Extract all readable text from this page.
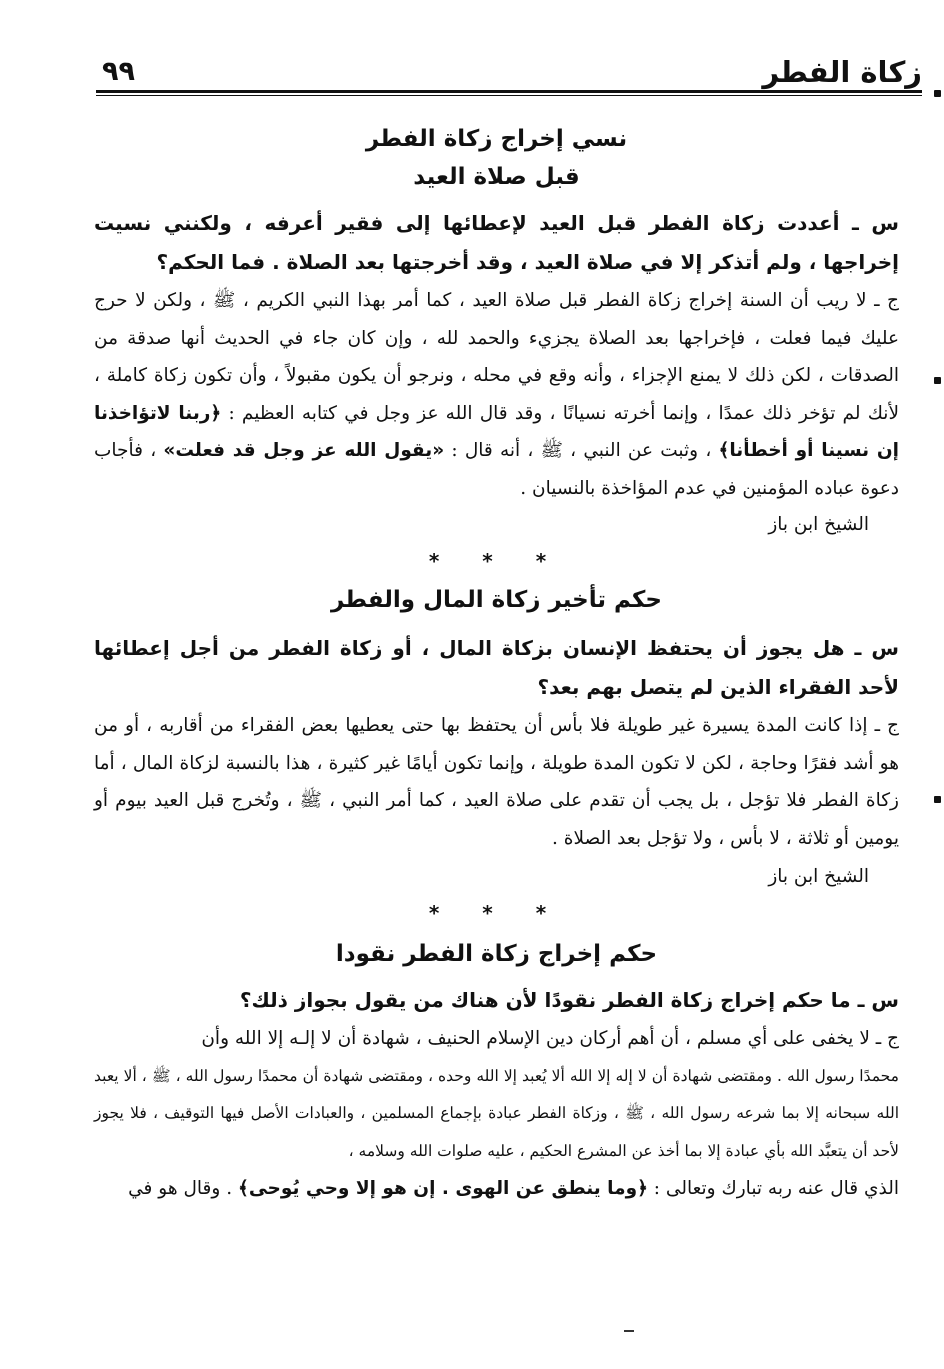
زكاة الفطر
٩٩

نسي إخراج زكاة الفطر

قبل صلاة العيد

س ـ أعددت زكاة الفطر قبل العيد لإعطائها إلى فقير أعرفه ، ولكنني نسيت إخراجها ، ولم أتذكر إلا في صلاة العيد ، وقد أخرجتها بعد الصلاة . فما الحكم؟

ج ـ لا ريب أن السنة إخراج زكاة الفطر قبل صلاة العيد ، كما أمر بهذا النبي الكريم ، ﷺ ، ولكن لا حرج عليك فيما فعلت ، فإخراجها بعد الصلاة يجزيء والحمد لله ، وإن كان جاء في الحديث أنها صدقة من الصدقات ، لكن ذلك لا يمنع الإجزاء ، وأنه وقع في محله ، ونرجو أن يكون مقبولاً ، وأن تكون زكاة كاملة ، لأنك لم تؤخر ذلك عمدًا ، وإنما أخرته نسيانًا ، وقد قال الله عز وجل في كتابه العظيم : ﴿ربنا لاتؤاخذنا إن نسينا أو أخطأنا﴾ ، وثبت عن النبي ، ﷺ ، أنه قال : «يقول الله عز وجل قد فعلت» ، فأجاب دعوة عباده المؤمنين في عدم المؤاخذة بالنسيان .

الشيخ ابن باز

* * *

حكم تأخير زكاة المال والفطر

س ـ هل يجوز أن يحتفظ الإنسان بزكاة المال ، أو زكاة الفطر من أجل إعطائها لأحد الفقراء الذين لم يتصل بهم بعد؟

ج ـ إذا كانت المدة يسيرة غير طويلة فلا بأس أن يحتفظ بها حتى يعطيها بعض الفقراء من أقاربه ، أو من هو أشد فقرًا وحاجة ، لكن لا تكون المدة طويلة ، وإنما تكون أيامًا غير كثيرة ، هذا بالنسبة لزكاة المال ، أما زكاة الفطر فلا تؤجل ، بل يجب أن تقدم على صلاة العيد ، كما أمر النبي ، ﷺ ، وتُخرج قبل العيد بيوم أو يومين أو ثلاثة ، لا بأس ، ولا تؤجل بعد الصلاة .

الشيخ ابن باز

* * *

حكم إخراج زكاة الفطر نقودا

س ـ ما حكم إخراج زكاة الفطر نقودًا لأن هناك من يقول بجواز ذلك؟

ج ـ لا يخفى على أي مسلم ، أن أهم أركان دين الإسلام الحنيف ، شهادة أن لا إلـه إلا الله وأن

محمدًا رسول الله . ومقتضى شهادة أن لا إله إلا الله ألا يُعبد إلا الله وحده ، ومقتضى شهادة أن محمدًا رسول الله ، ﷺ ، ألا يعبد الله سبحانه إلا بما شرعه رسول الله ، ﷺ ، وزكاة الفطر عبادة بإجماع المسلمين ، والعبادات الأصل فيها التوقيف ، فلا يجوز لأحد أن يتعبَّد الله بأي عبادة إلا بما أخذ عن المشرع الحكيم ، عليه صلوات الله وسلامه ،

الذي قال عنه ربه تبارك وتعالى : ﴿وما ينطق عن الهوى . إن هو إلا وحي يُوحى﴾ . وقال هو في
